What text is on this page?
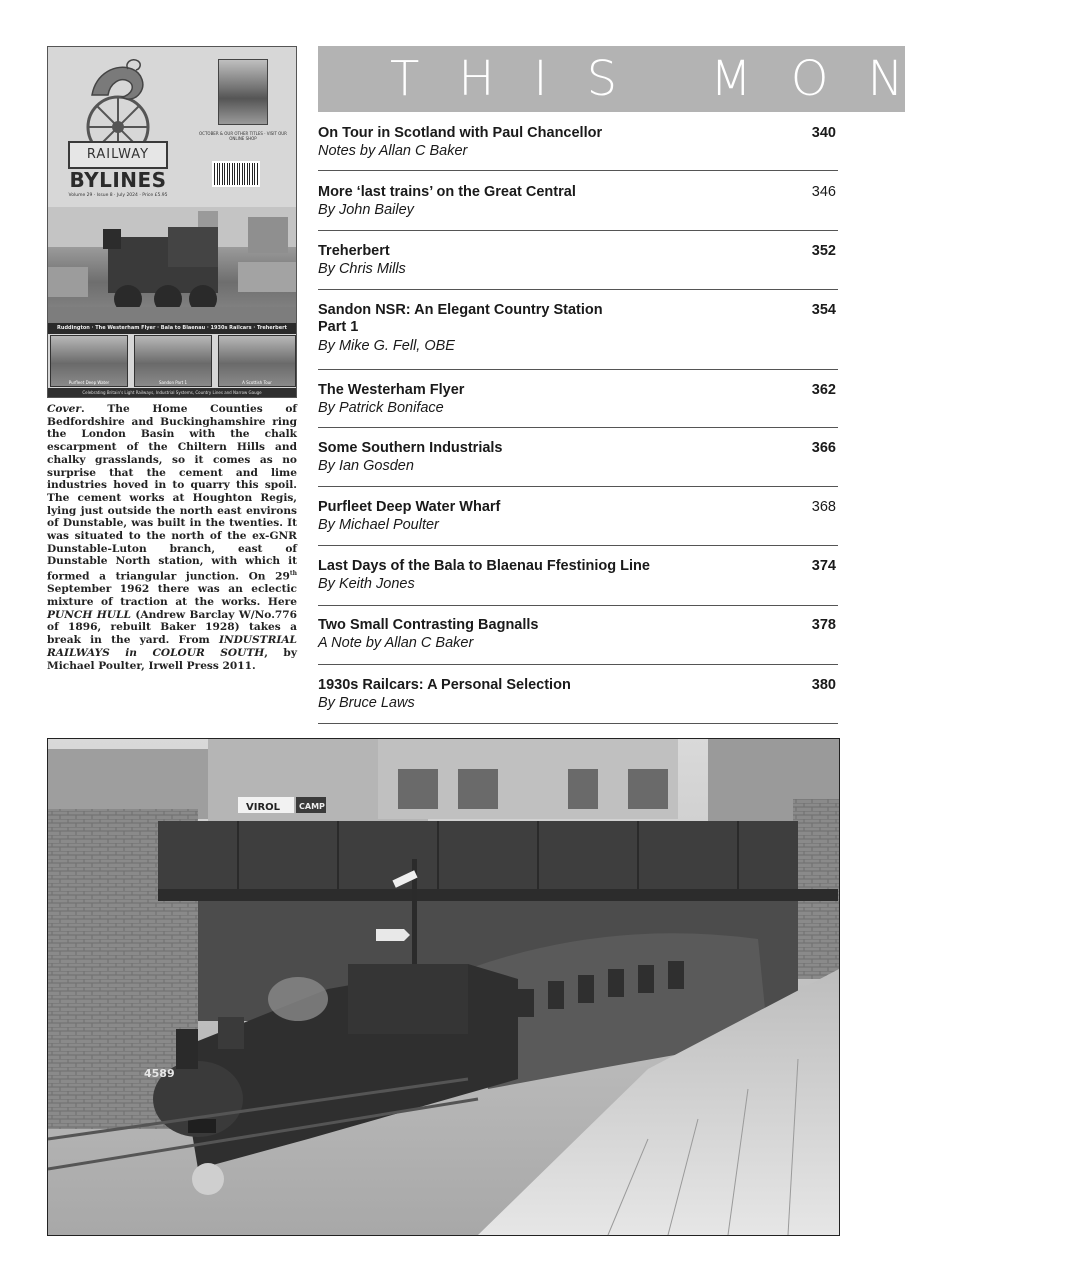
RAILWAY
BYLINES
Volume 29 · Issue 8 · July 2024 · Price £5.95
OCTOBER & OUR OTHER TITLES · VISIT OUR ONLINE SHOP
Ruddington · The Westerham Flyer · Bala to Blaenau · 1930s Railcars · Treherbert
Purfleet Deep Water	Sandon Part 1	A Scottish Tour
Celebrating Britain's Light Railways, Industrial Systems, Country Lines and Narrow Gauge
Cover. The Home Counties of Bedfordshire and Buckinghamshire ring the London Basin with the chalk escarpment of the Chiltern Hills and chalky grasslands, so it comes as no surprise that the cement and lime industries hoved in to quarry this spoil. The cement works at Houghton Regis, lying just outside the north east environs of Dunstable, was built in the twenties. It was situated to the north of the ex-GNR Dunstable-Luton branch, east of Dunstable North station, with which it formed a triangular junction. On 29th September 1962 there was an eclectic mixture of traction at the works. Here PUNCH HULL (Andrew Barclay W/No.776 of 1896, rebuilt Baker 1928) takes a break in the yard. From INDUSTRIAL RAILWAYS in COLOUR SOUTH, by Michael Poulter, Irwell Press 2011.
THIS MONTH
On Tour in Scotland with Paul Chancellor
Notes by Allan C Baker
340
More ‘last trains’ on the Great Central
By John Bailey
346
Treherbert
By Chris Mills
352
Sandon NSR: An Elegant Country Station
Part 1
By Mike G. Fell, OBE
354
The Westerham Flyer
By Patrick Boniface
362
Some Southern Industrials
By Ian Gosden
366
Purfleet Deep Water Wharf
By Michael Poulter
368
Last Days of the Bala to Blaenau Ffestiniog Line
By Keith Jones
374
Two Small Contrasting Bagnalls
A Note by Allan C Baker
378
1930s Railcars: A Personal Selection
By Bruce Laws
380
VIROL CAMP
4589
